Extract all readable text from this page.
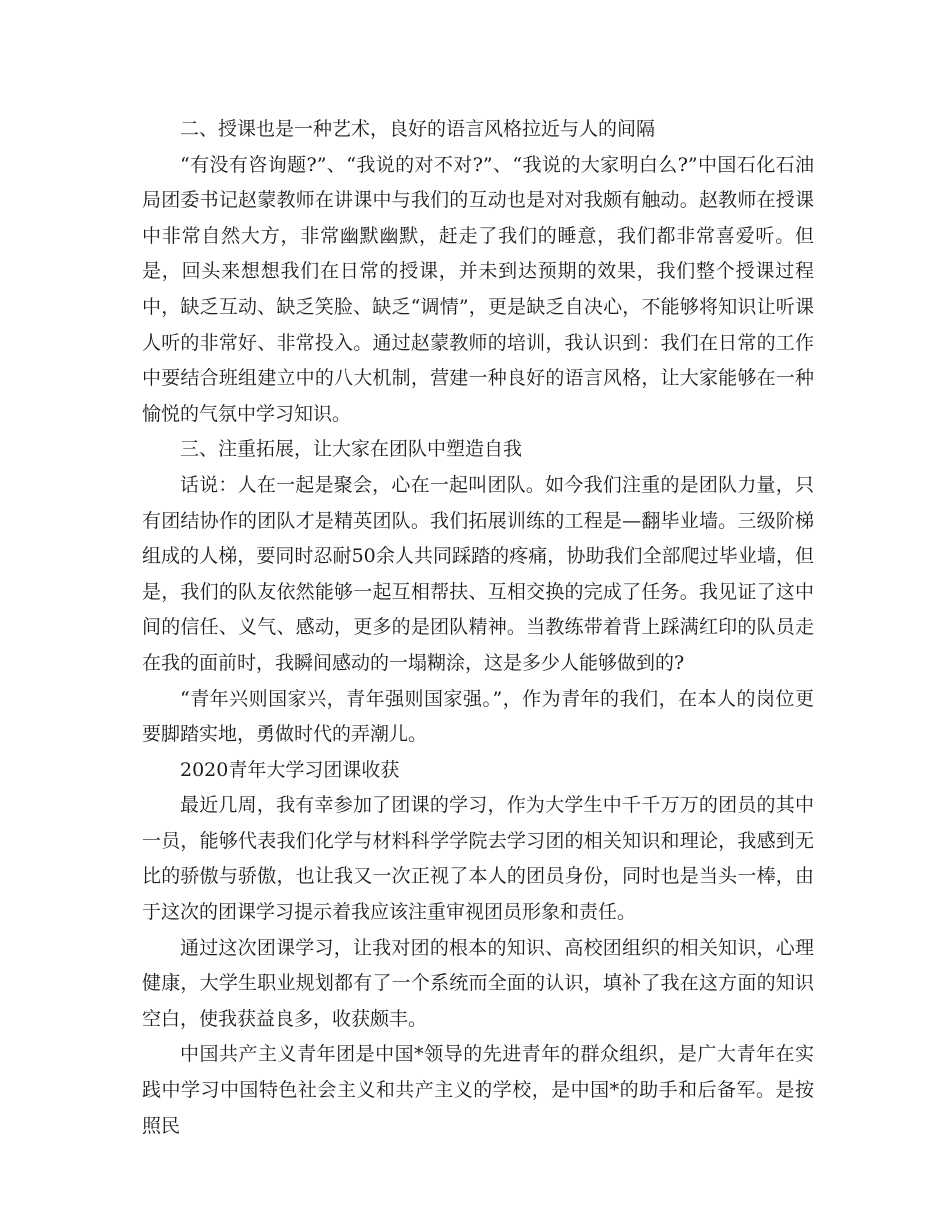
二、授课也是一种艺术，良好的语言风格拉近与人的间隔

“有没有咨询题?”、“我说的对不对?”、“我说的大家明白么?”中国石化石油局团委书记赵蒙教师在讲课中与我们的互动也是对对我颇有触动。赵教师在授课中非常自然大方，非常幽默幽默，赶走了我们的睡意，我们都非常喜爱听。但是，回头来想想我们在日常的授课，并未到达预期的效果，我们整个授课过程中，缺乏互动、缺乏笑脸、缺乏“调情”，更是缺乏自决心，不能够将知识让听课人听的非常好、非常投入。通过赵蒙教师的培训，我认识到：我们在日常的工作中要结合班组建立中的八大机制，营建一种良好的语言风格，让大家能够在一种愉悦的气氛中学习知识。

三、注重拓展，让大家在团队中塑造自我

话说：人在一起是聚会，心在一起叫团队。如今我们注重的是团队力量，只有团结协作的团队才是精英团队。我们拓展训练的工程是—翻毕业墙。三级阶梯组成的人梯，要同时忍耐50余人共同踩踏的疼痛，协助我们全部爬过毕业墙，但是，我们的队友依然能够一起互相帮扶、互相交换的完成了任务。我见证了这中间的信任、义气、感动，更多的是团队精神。当教练带着背上踩满红印的队员走在我的面前时，我瞬间感动的一塌糊涂，这是多少人能够做到的?

“青年兴则国家兴，青年强则国家强。”，作为青年的我们，在本人的岗位更要脚踏实地，勇做时代的弄潮儿。

2020青年大学习团课收获

最近几周，我有幸参加了团课的学习，作为大学生中千千万万的团员的其中一员，能够代表我们化学与材料科学学院去学习团的相关知识和理论，我感到无比的骄傲与骄傲，也让我又一次正视了本人的团员身份，同时也是当头一棒，由于这次的团课学习提示着我应该注重审视团员形象和责任。

通过这次团课学习，让我对团的根本的知识、高校团组织的相关知识，心理健康，大学生职业规划都有了一个系统而全面的认识，填补了我在这方面的知识空白，使我获益良多，收获颇丰。

中国共产主义青年团是中国*领导的先进青年的群众组织，是广大青年在实践中学习中国特色社会主义和共产主义的学校，是中国*的助手和后备军。是按照民
